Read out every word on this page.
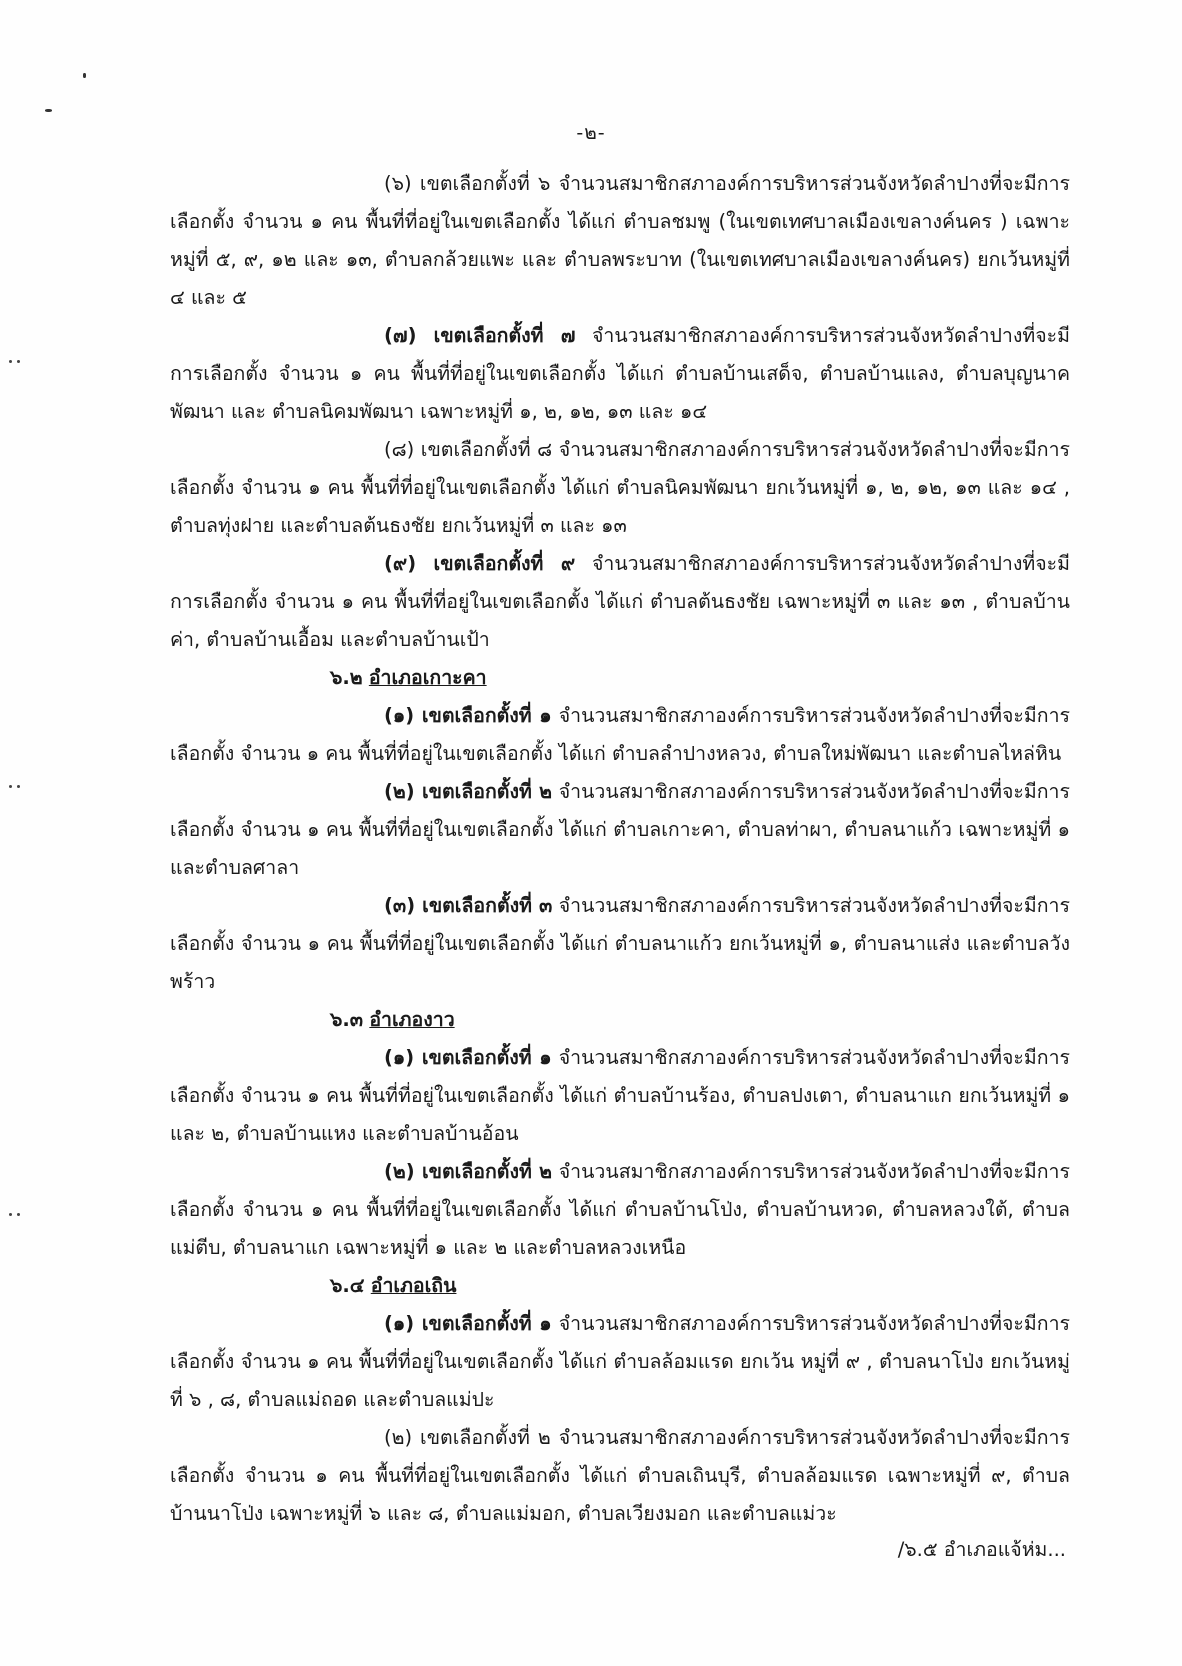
-๒-

(๖) เขตเลือกตั้งที่ ๖ จำนวนสมาชิกสภาองค์การบริหารส่วนจังหวัดลำปางที่จะมีการเลือกตั้ง จำนวน ๑ คน พื้นที่ที่อยู่ในเขตเลือกตั้ง ได้แก่ ตำบลชมพู (ในเขตเทศบาลเมืองเขลางค์นคร ) เฉพาะหมู่ที่ ๕, ๙, ๑๒ และ ๑๓, ตำบลกล้วยแพะ และ ตำบลพระบาท (ในเขตเทศบาลเมืองเขลางค์นคร) ยกเว้นหมู่ที่ ๔ และ ๕

(๗) เขตเลือกตั้งที่ ๗ จำนวนสมาชิกสภาองค์การบริหารส่วนจังหวัดลำปางที่จะมีการเลือกตั้ง จำนวน ๑ คน พื้นที่ที่อยู่ในเขตเลือกตั้ง ได้แก่ ตำบลบ้านเสด็จ, ตำบลบ้านแลง, ตำบลบุญนาคพัฒนา และ ตำบลนิคมพัฒนา เฉพาะหมู่ที่ ๑, ๒, ๑๒, ๑๓ และ ๑๔

(๘) เขตเลือกตั้งที่ ๘ จำนวนสมาชิกสภาองค์การบริหารส่วนจังหวัดลำปางที่จะมีการเลือกตั้ง จำนวน ๑ คน พื้นที่ที่อยู่ในเขตเลือกตั้ง ได้แก่ ตำบลนิคมพัฒนา ยกเว้นหมู่ที่ ๑, ๒, ๑๒, ๑๓ และ ๑๔ , ตำบลทุ่งฝาย และตำบลต้นธงชัย ยกเว้นหมู่ที่ ๓ และ ๑๓

(๙) เขตเลือกตั้งที่ ๙ จำนวนสมาชิกสภาองค์การบริหารส่วนจังหวัดลำปางที่จะมีการเลือกตั้ง จำนวน ๑ คน พื้นที่ที่อยู่ในเขตเลือกตั้ง ได้แก่ ตำบลต้นธงชัย เฉพาะหมู่ที่ ๓ และ ๑๓ , ตำบลบ้านค่า, ตำบลบ้านเอื้อม และตำบลบ้านเป้า

๖.๒ อำเภอเกาะคา

(๑) เขตเลือกตั้งที่ ๑ จำนวนสมาชิกสภาองค์การบริหารส่วนจังหวัดลำปางที่จะมีการเลือกตั้ง จำนวน ๑ คน พื้นที่ที่อยู่ในเขตเลือกตั้ง ได้แก่ ตำบลลำปางหลวง, ตำบลใหม่พัฒนา และตำบลไหล่หิน

(๒) เขตเลือกตั้งที่ ๒ จำนวนสมาชิกสภาองค์การบริหารส่วนจังหวัดลำปางที่จะมีการเลือกตั้ง จำนวน ๑ คน พื้นที่ที่อยู่ในเขตเลือกตั้ง ได้แก่ ตำบลเกาะคา, ตำบลท่าผา, ตำบลนาแก้ว เฉพาะหมู่ที่ ๑ และตำบลศาลา

(๓) เขตเลือกตั้งที่ ๓ จำนวนสมาชิกสภาองค์การบริหารส่วนจังหวัดลำปางที่จะมีการเลือกตั้ง จำนวน ๑ คน พื้นที่ที่อยู่ในเขตเลือกตั้ง ได้แก่ ตำบลนาแก้ว ยกเว้นหมู่ที่ ๑, ตำบลนาแส่ง และตำบลวังพร้าว

๖.๓ อำเภองาว

(๑) เขตเลือกตั้งที่ ๑ จำนวนสมาชิกสภาองค์การบริหารส่วนจังหวัดลำปางที่จะมีการเลือกตั้ง จำนวน ๑ คน พื้นที่ที่อยู่ในเขตเลือกตั้ง ได้แก่ ตำบลบ้านร้อง, ตำบลปงเตา, ตำบลนาแก ยกเว้นหมู่ที่ ๑ และ ๒, ตำบลบ้านแหง และตำบลบ้านอ้อน

(๒) เขตเลือกตั้งที่ ๒ จำนวนสมาชิกสภาองค์การบริหารส่วนจังหวัดลำปางที่จะมีการเลือกตั้ง จำนวน ๑ คน พื้นที่ที่อยู่ในเขตเลือกตั้ง ได้แก่ ตำบลบ้านโป่ง, ตำบลบ้านหวด, ตำบลหลวงใต้, ตำบลแม่ตีบ, ตำบลนาแก เฉพาะหมู่ที่ ๑ และ ๒ และตำบลหลวงเหนือ

๖.๔ อำเภอเถิน

(๑) เขตเลือกตั้งที่ ๑ จำนวนสมาชิกสภาองค์การบริหารส่วนจังหวัดลำปางที่จะมีการเลือกตั้ง จำนวน ๑ คน พื้นที่ที่อยู่ในเขตเลือกตั้ง ได้แก่ ตำบลล้อมแรด ยกเว้น หมู่ที่ ๙ , ตำบลนาโป่ง ยกเว้นหมู่ที่ ๖ , ๘, ตำบลแม่ถอด และตำบลแม่ปะ

(๒) เขตเลือกตั้งที่ ๒ จำนวนสมาชิกสภาองค์การบริหารส่วนจังหวัดลำปางที่จะมีการเลือกตั้ง จำนวน ๑ คน พื้นที่ที่อยู่ในเขตเลือกตั้ง ได้แก่ ตำบลเถินบุรี, ตำบลล้อมแรด เฉพาะหมู่ที่ ๙, ตำบลบ้านนาโป่ง เฉพาะหมู่ที่ ๖ และ ๘, ตำบลแม่มอก, ตำบลเวียงมอก และตำบลแม่วะ

/๖.๕ อำเภอแจ้ห่ม...
